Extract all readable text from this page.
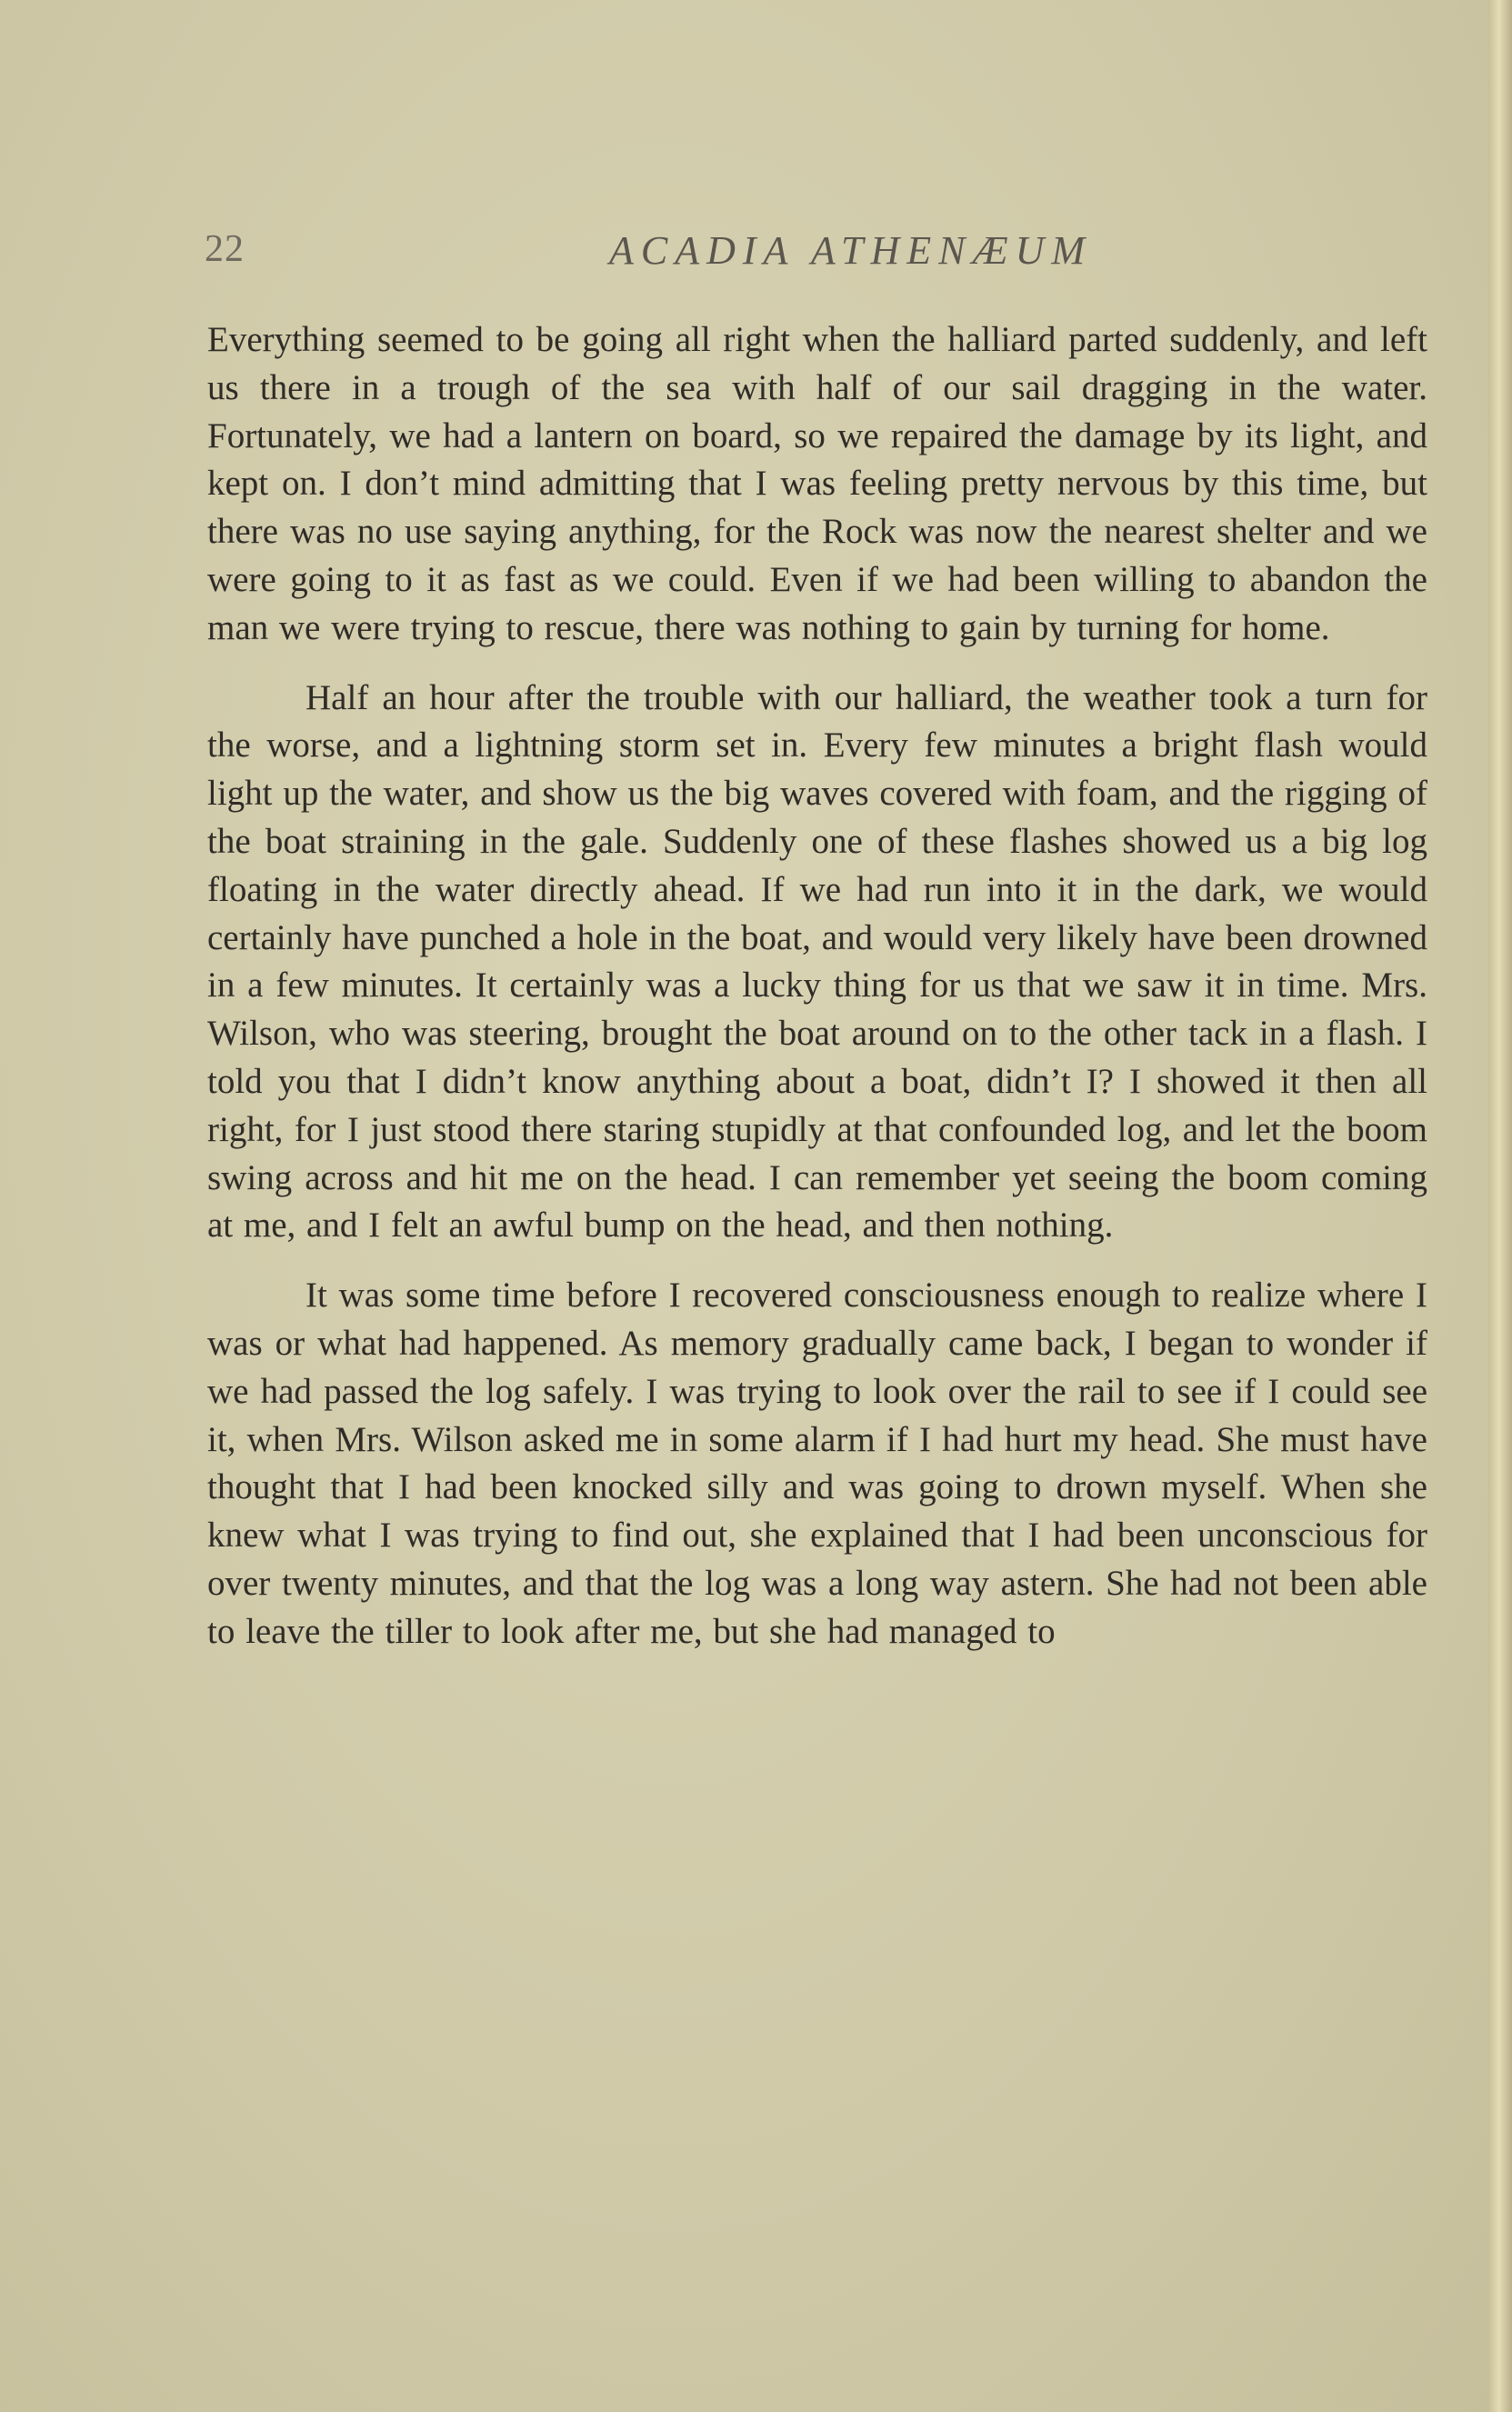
22	ACADIA ATHENÆUM

Everything seemed to be going all right when the halliard parted suddenly, and left us there in a trough of the sea with half of our sail dragging in the water. Fortunately, we had a lantern on board, so we repaired the damage by its light, and kept on. I don’t mind admitting that I was feeling pretty nervous by this time, but there was no use saying anything, for the Rock was now the nearest shelter and we were going to it as fast as we could. Even if we had been willing to abandon the man we were trying to rescue, there was nothing to gain by turning for home.

Half an hour after the trouble with our halliard, the weather took a turn for the worse, and a lightning storm set in. Every few minutes a bright flash would light up the water, and show us the big waves covered with foam, and the rigging of the boat straining in the gale. Suddenly one of these flashes showed us a big log floating in the water directly ahead. If we had run into it in the dark, we would certainly have punched a hole in the boat, and would very likely have been drowned in a few minutes. It certainly was a lucky thing for us that we saw it in time. Mrs. Wilson, who was steering, brought the boat around on to the other tack in a flash. I told you that I didn’t know anything about a boat, didn’t I? I showed it then all right, for I just stood there staring stupidly at that confounded log, and let the boom swing across and hit me on the head. I can remember yet seeing the boom coming at me, and I felt an awful bump on the head, and then nothing.

It was some time before I recovered consciousness enough to realize where I was or what had happened. As memory gradually came back, I began to wonder if we had passed the log safely. I was trying to look over the rail to see if I could see it, when Mrs. Wilson asked me in some alarm if I had hurt my head. She must have thought that I had been knocked silly and was going to drown myself. When she knew what I was trying to find out, she explained that I had been unconscious for over twenty minutes, and that the log was a long way astern. She had not been able to leave the tiller to look after me, but she had managed to
